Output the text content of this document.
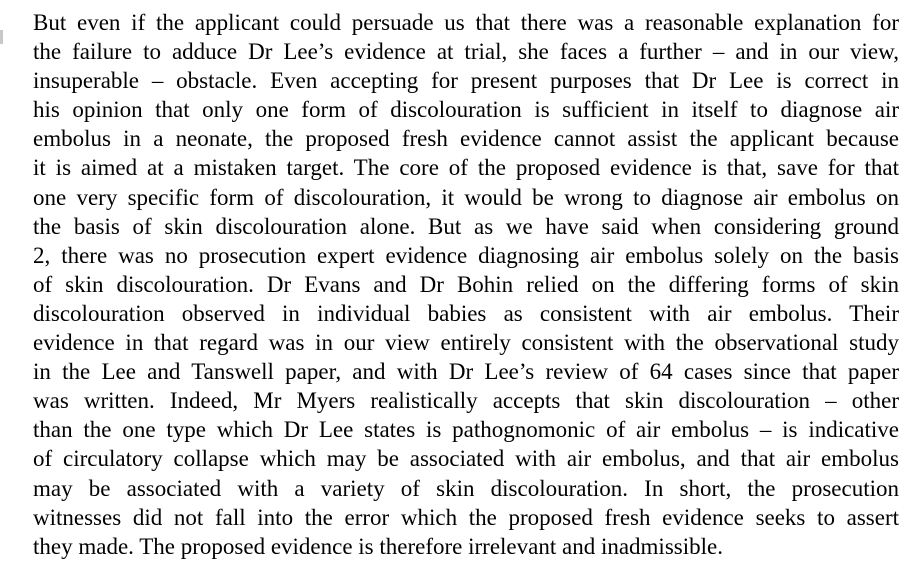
But even if the applicant could persuade us that there was a reasonable explanation for
the failure to adduce Dr Lee’s evidence at trial, she faces a further – and in our view,
insuperable – obstacle. Even accepting for present purposes that Dr Lee is correct in
his opinion that only one form of discolouration is sufficient in itself to diagnose air
embolus in a neonate, the proposed fresh evidence cannot assist the applicant because
it is aimed at a mistaken target. The core of the proposed evidence is that, save for that
one very specific form of discolouration, it would be wrong to diagnose air embolus on
the basis of skin discolouration alone. But as we have said when considering ground
2, there was no prosecution expert evidence diagnosing air embolus solely on the basis
of skin discolouration. Dr Evans and Dr Bohin relied on the differing forms of skin
discolouration observed in individual babies as consistent with air embolus. Their
evidence in that regard was in our view entirely consistent with the observational study
in the Lee and Tanswell paper, and with Dr Lee’s review of 64 cases since that paper
was written. Indeed, Mr Myers realistically accepts that skin discolouration – other
than the one type which Dr Lee states is pathognomonic of air embolus – is indicative
of circulatory collapse which may be associated with air embolus, and that air embolus
may be associated with a variety of skin discolouration. In short, the prosecution
witnesses did not fall into the error which the proposed fresh evidence seeks to assert
they made. The proposed evidence is therefore irrelevant and inadmissible.
